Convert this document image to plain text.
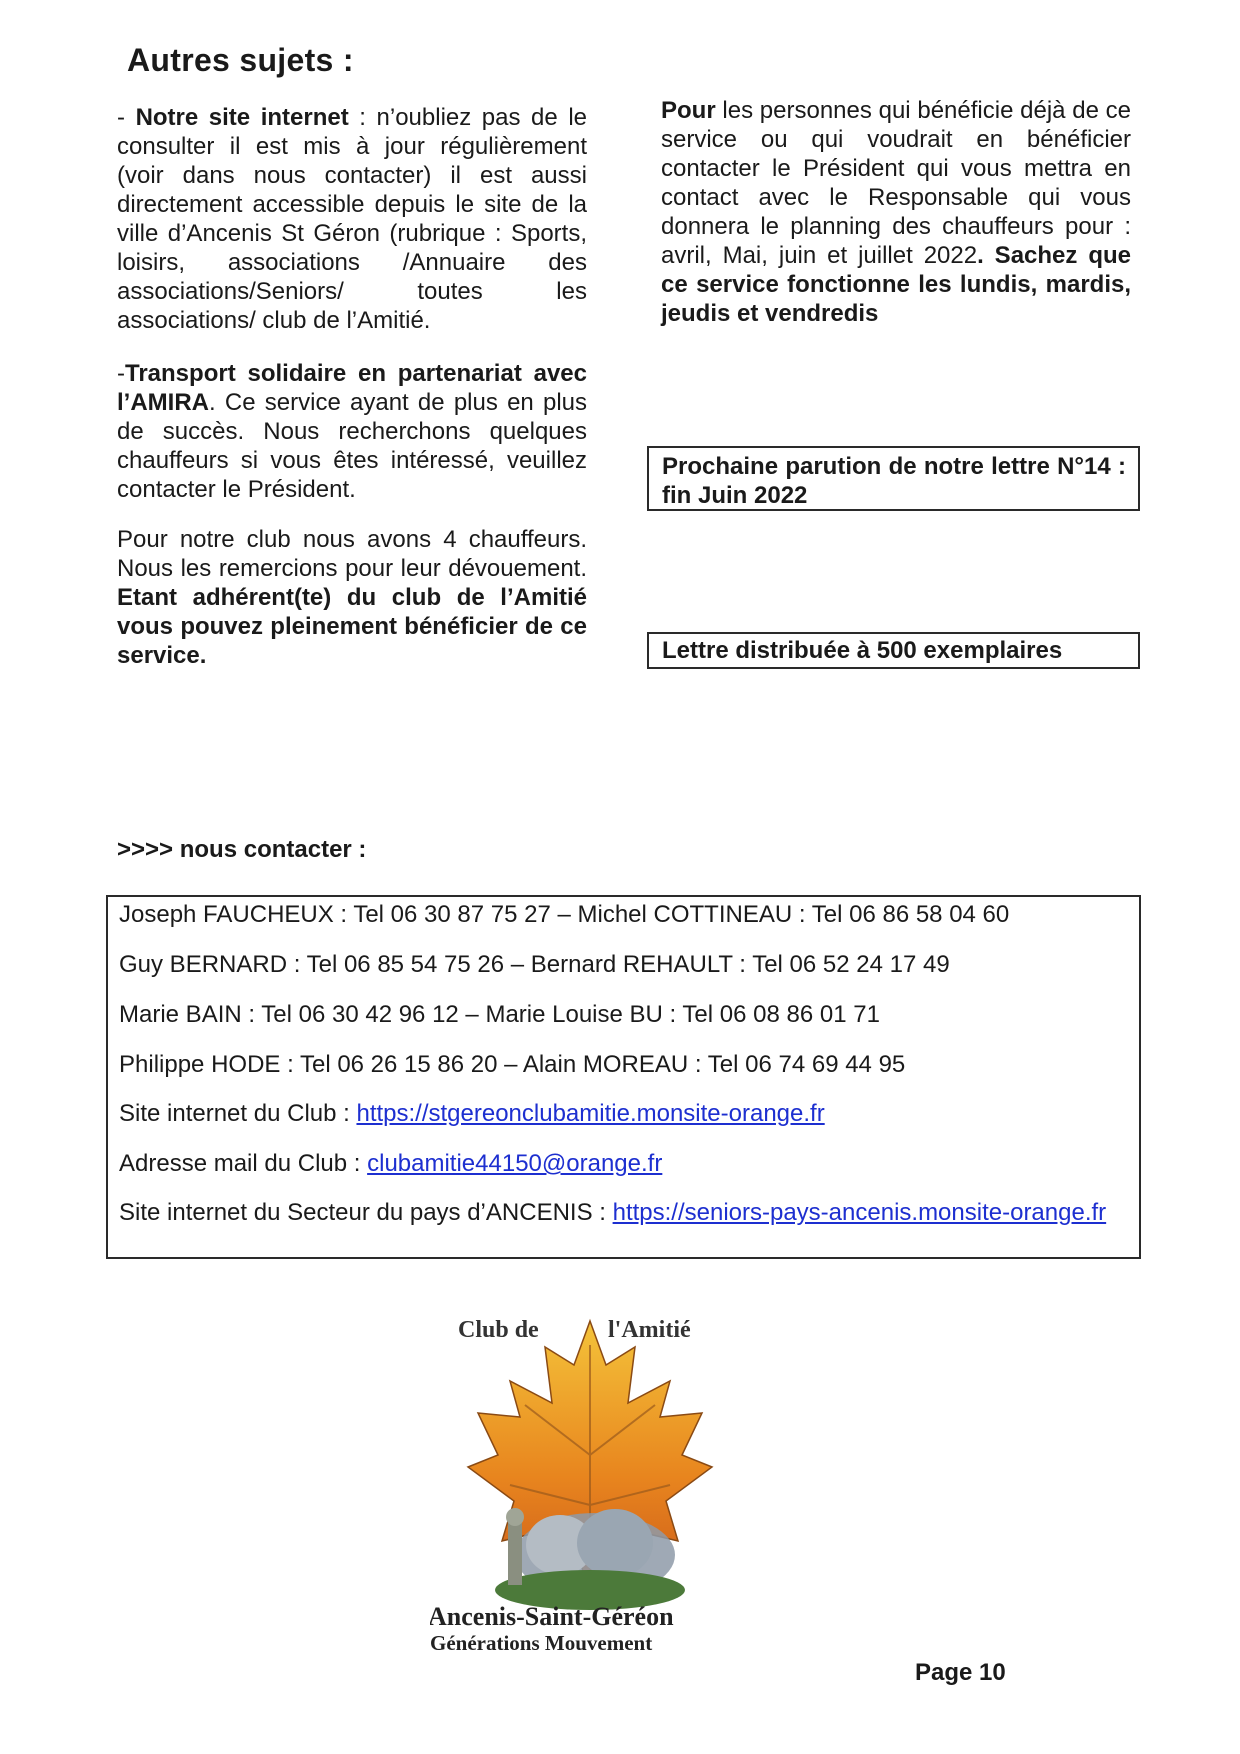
Autres sujets :

- Notre site internet : n’oubliez pas de le consulter il est mis à jour régulièrement (voir dans nous contacter) il est aussi directement accessible depuis le site de la ville d’Ancenis St Géron (rubrique : Sports, loisirs, associations /Annuaire des associations/Seniors/ toutes les associations/ club de l’Amitié.

-Transport solidaire en partenariat avec l’AMIRA. Ce service ayant de plus en plus de succès. Nous recherchons quelques chauffeurs si vous êtes intéressé, veuillez contacter le Président.

Pour notre club nous avons 4 chauffeurs. Nous les remercions pour leur dévouement. Etant adhérent(te) du club de l’Amitié vous pouvez pleinement bénéficier de ce service.

Pour les personnes qui bénéficie déjà de ce service ou qui voudrait en bénéficier contacter le Président qui vous mettra en contact avec le Responsable qui vous donnera le planning des chauffeurs pour : avril, Mai, juin et juillet 2022. Sachez que ce service fonctionne les lundis, mardis, jeudis et vendredis

Prochaine parution de notre lettre N°14 : fin Juin 2022
Lettre distribuée à 500 exemplaires
>>>> nous contacter :

Joseph FAUCHEUX : Tel 06 30 87 75 27 – Michel COTTINEAU : Tel 06 86 58 04 60

Guy BERNARD : Tel 06 85 54 75 26 – Bernard REHAULT : Tel 06 52 24 17 49

Marie BAIN : Tel 06 30 42 96 12 – Marie Louise BU : Tel 06 08 86 01 71

Philippe HODE : Tel 06 26 15 86 20 – Alain MOREAU : Tel 06 74 69 44 95

Site internet du Club : https://stgereonclubamitie.monsite-orange.fr

Adresse mail du Club : clubamitie44150@orange.fr

Site internet du Secteur du pays d’ANCENIS : https://seniors-pays-ancenis.monsite-orange.fr

Club de	l'Amitié
Ancenis-Saint-Géréon
Générations Mouvement
Page 10
